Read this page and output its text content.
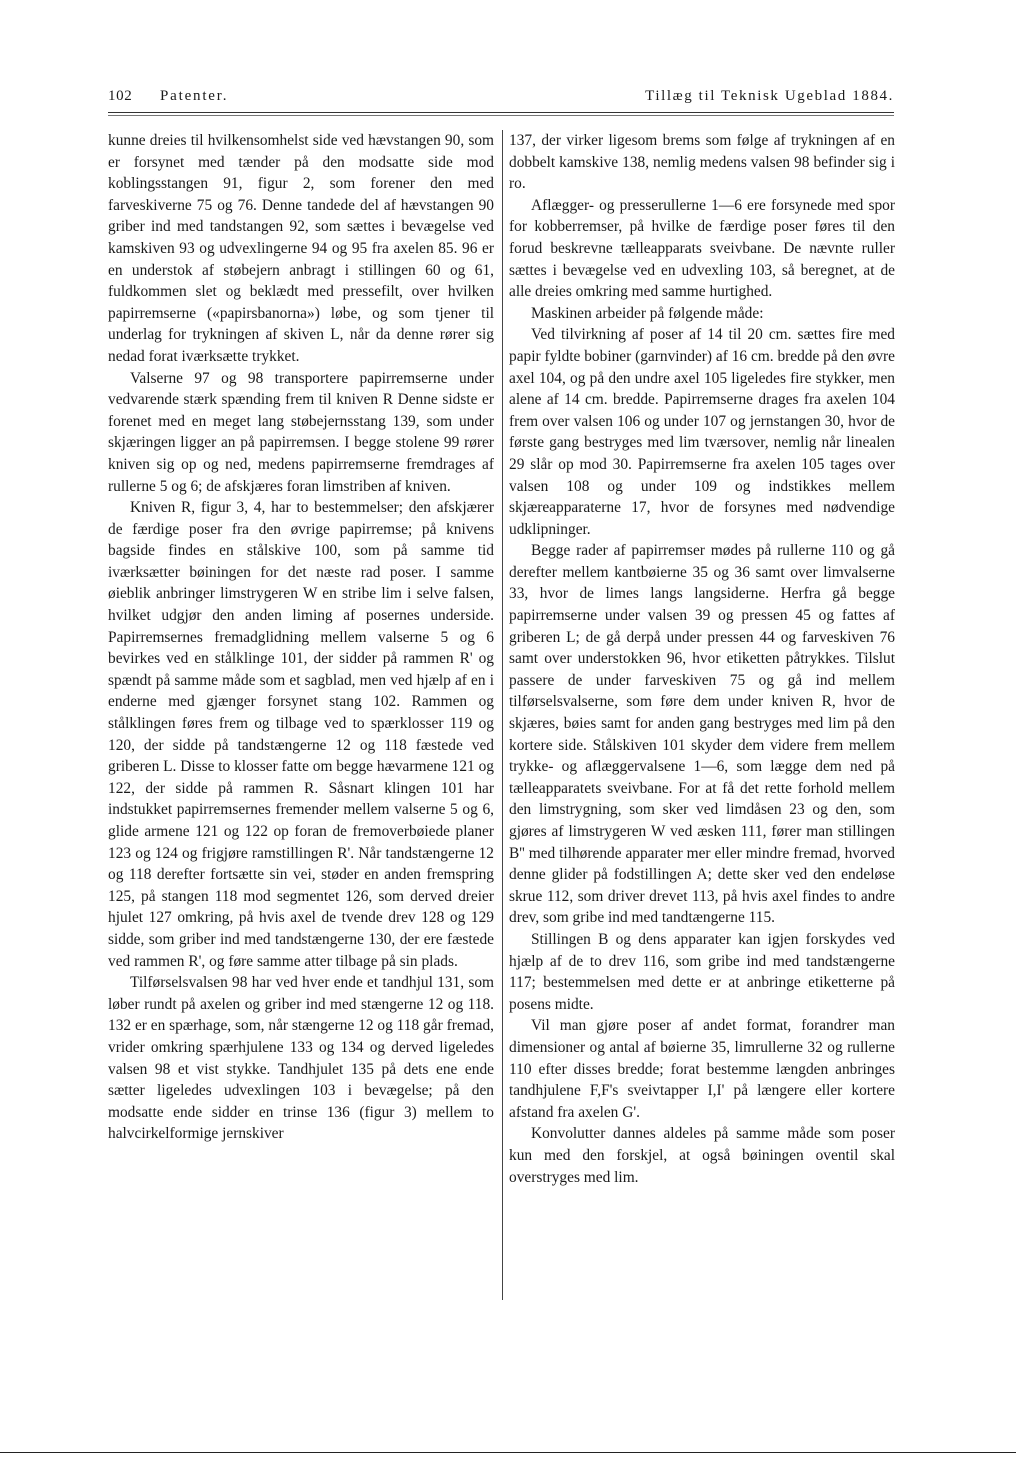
102 Patenter.	Tillæg til Teknisk Ugeblad 1884.

kunne dreies til hvilkensomhelst side ved hævstangen 90, som er forsynet med tænder på den modsatte side mod koblingsstangen 91, figur 2, som forener den med farveskiverne 75 og 76. Denne tandede del af hævstangen 90 griber ind med tandstangen 92, som sættes i bevægelse ved kamskiven 93 og udvexlingerne 94 og 95 fra axelen 85. 96 er en understok af støbejern anbragt i stillingen 60 og 61, fuldkommen slet og beklædt med pressefilt, over hvilken papirremserne («papirsbanorna») løbe, og som tjener til underlag for trykningen af skiven L, når da denne rører sig nedad forat iværksætte trykket.

Valserne 97 og 98 transportere papirremserne under vedvarende stærk spænding frem til kniven R Denne sidste er forenet med en meget lang støbejernsstang 139, som under skjæringen ligger an på papirremsen. I begge stolene 99 rører kniven sig op og ned, medens papirremserne fremdrages af rullerne 5 og 6; de afskjæres foran limstriben af kniven.

Kniven R, figur 3, 4, har to bestemmelser; den afskjærer de færdige poser fra den øvrige papirremse; på knivens bagside findes en stålskive 100, som på samme tid iværksætter bøiningen for det næste rad poser. I samme øieblik anbringer limstrygeren W en stribe lim i selve falsen, hvilket udgjør den anden liming af posernes underside. Papirremsernes fremadglidning mellem valserne 5 og 6 bevirkes ved en stålklinge 101, der sidder på rammen R' og spændt på samme måde som et sagblad, men ved hjælp af en i enderne med gjænger forsynet stang 102. Rammen og stålklingen føres frem og tilbage ved to spærklosser 119 og 120, der sidde på tandstængerne 12 og 118 fæstede ved griberen L. Disse to klosser fatte om begge hævarmene 121 og 122, der sidde på rammen R. Såsnart klingen 101 har indstukket papirremsernes fremender mellem valserne 5 og 6, glide armene 121 og 122 op foran de fremoverbøiede planer 123 og 124 og frigjøre ramstillingen R'. Når tandstængerne 12 og 118 derefter fortsætte sin vei, støder en anden fremspring 125, på stangen 118 mod segmentet 126, som derved dreier hjulet 127 omkring, på hvis axel de tvende drev 128 og 129 sidde, som griber ind med tandstængerne 130, der ere fæstede ved rammen R', og føre samme atter tilbage på sin plads.

Tilførselsvalsen 98 har ved hver ende et tandhjul 131, som løber rundt på axelen og griber ind med stængerne 12 og 118. 132 er en spærhage, som, når stængerne 12 og 118 går fremad, vrider omkring spærhjulene 133 og 134 og derved ligeledes valsen 98 et vist stykke. Tandhjulet 135 på dets ene ende sætter ligeledes udvexlingen 103 i bevægelse; på den modsatte ende sidder en trinse 136 (figur 3) mellem to halvcirkelformige jernskiver

137, der virker ligesom brems som følge af trykningen af en dobbelt kamskive 138, nemlig medens valsen 98 befinder sig i ro.

Aflægger- og presserullerne 1—6 ere forsynede med spor for kobberremser, på hvilke de færdige poser føres til den forud beskrevne tælleapparats sveivbane. De nævnte ruller sættes i bevægelse ved en udvexling 103, så beregnet, at de alle dreies omkring med samme hurtighed.

Maskinen arbeider på følgende måde:

Ved tilvirkning af poser af 14 til 20 cm. sættes fire med papir fyldte bobiner (garnvinder) af 16 cm. bredde på den øvre axel 104, og på den undre axel 105 ligeledes fire stykker, men alene af 14 cm. bredde. Papirremserne drages fra axelen 104 frem over valsen 106 og under 107 og jernstangen 30, hvor de første gang bestryges med lim tværsover, nemlig når linealen 29 slår op mod 30. Papirremserne fra axelen 105 tages over valsen 108 og under 109 og indstikkes mellem skjæreapparaterne 17, hvor de forsynes med nødvendige udklipninger.

Begge rader af papirremser mødes på rullerne 110 og gå derefter mellem kantbøierne 35 og 36 samt over limvalserne 33, hvor de limes langs langsiderne. Herfra gå begge papirremserne under valsen 39 og pressen 45 og fattes af griberen L; de gå derpå under pressen 44 og farveskiven 76 samt over understokken 96, hvor etiketten påtrykkes. Tilslut passere de under farveskiven 75 og gå ind mellem tilførselsvalserne, som føre dem under kniven R, hvor de skjæres, bøies samt for anden gang bestryges med lim på den kortere side. Stålskiven 101 skyder dem videre frem mellem trykke- og aflæggervalsene 1—6, som lægge dem ned på tælleapparatets sveivbane. For at få det rette forhold mellem den limstrygning, som sker ved limdåsen 23 og den, som gjøres af limstrygeren W ved æsken 111, fører man stillingen B'' med tilhørende apparater mer eller mindre fremad, hvorved denne glider på fodstillingen A; dette sker ved den endeløse skrue 112, som driver drevet 113, på hvis axel findes to andre drev, som gribe ind med tandtængerne 115.

Stillingen B og dens apparater kan igjen forskydes ved hjælp af de to drev 116, som gribe ind med tandstængerne 117; bestemmelsen med dette er at anbringe etiketterne på posens midte.

Vil man gjøre poser af andet format, forandrer man dimensioner og antal af bøierne 35, limrullerne 32 og rullerne 110 efter disses bredde; forat bestemme længden anbringes tandhjulene F,F's sveivtapper I,I' på længere eller kortere afstand fra axelen G'.

Konvolutter dannes aldeles på samme måde som poser kun med den forskjel, at også bøiningen oventil skal overstryges med lim.
